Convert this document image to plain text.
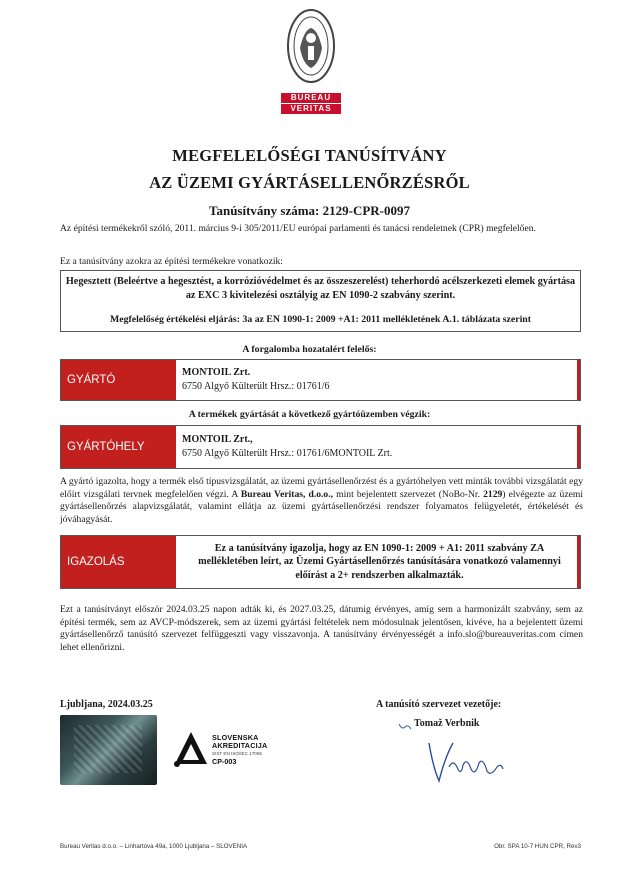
BUREAU
VERITAS
MEGFELELŐSÉGI TANÚSÍTVÁNY
AZ ÜZEMI GYÁRTÁSELLENŐRZÉSRŐL
Tanúsítvány száma: 2129-CPR-0097
Az építési termékekről szóló, 2011. március 9-i 305/2011/EU európai parlamenti és tanácsi rendeletnek (CPR) megfelelően.
Ez a tanúsítvány azokra az építési termékekre vonatkozik:
Hegesztett (Beleértve a hegesztést, a korrózióvédelmet és az összeszerelést) teherhordó acélszerkezeti elemek gyártása az EXC 3 kivitelezési osztályig az EN 1090-2 szabvány szerint.
Megfelelőség értékelési eljárás: 3a az EN 1090-1: 2009 +A1: 2011 mellékletének A.1. táblázata szerint
A forgalomba hozatalért felelős:
GYÁRTÓ
MONTOIL Zrt.
6750 Algyő Külterült Hrsz.: 01761/6
A termékek gyártását a következő gyártóüzemben végzik:
GYÁRTÓHELY
MONTOIL Zrt.,
6750 Algyő Külterült Hrsz.: 01761/6MONTOIL Zrt.
A gyártó igazolta, hogy a termék első típusvizsgálatát, az üzemi gyártásellenőrzést és a gyártóhelyen vett minták további vizsgálatát egy előírt vizsgálati tervnek megfelelően végzi. A Bureau Veritas, d.o.o., mint bejelentett szervezet (NoBo-Nr. 2129) elvégezte az üzemi gyártásellenőrzés alapvizsgálatát, valamint ellátja az üzemi gyártásellenőrzési rendszer folyamatos felügyeletét, értékelését és jóváhagyását.
IGAZOLÁS
Ez a tanúsítvány igazolja, hogy az EN 1090-1: 2009 + A1: 2011 szabvány ZA mellékletében leírt, az Üzemi Gyártásellenőrzés tanúsítására vonatkozó valamennyi előírást a 2+ rendszerben alkalmazták.
Ezt a tanúsítványt először 2024.03.25 napon adták ki, és 2027.03.25, dátumig érvényes, amíg sem a harmonizált szabvány, sem az építési termék, sem az AVCP-módszerek, sem az üzemi gyártási feltételek nem módosulnak jelentősen, kivéve, ha a bejelentett üzemi gyártásellenőrző tanúsító szervezet felfüggeszti vagy visszavonja. A tanúsítvány érvényességét a info.slo@bureauveritas.com címen lehet ellenőrizni.
Ljubljana, 2024.03.25	A tanúsító szervezet vezetője:
Tomaž Verbnik
SLOVENSKA
AKREDITACIJA
SIST EN ISO/IEC 17065
CP-003
Bureau Veritas d.o.o. – Linhartova 49a, 1000 Ljubljana – SLOVENIA	Obr. SPA 10-7 HUN CPR, Rev3
